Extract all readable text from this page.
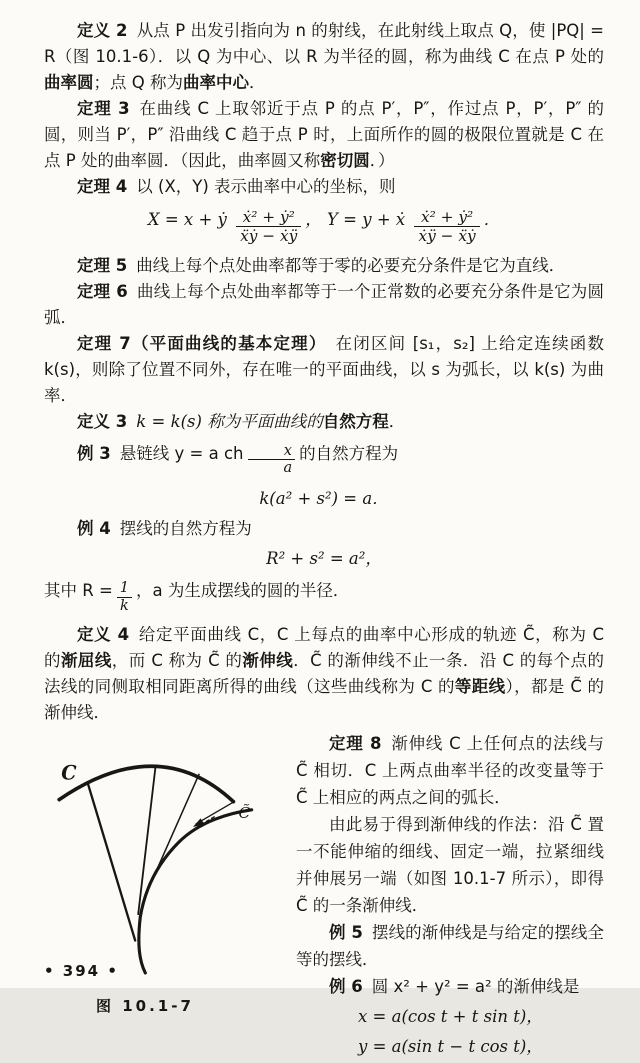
定义 2 从点 P 出发引指向为 n 的射线，在此射线上取点 Q，使 |PQ| = R（图 10.1-6）．以 Q 为中心、以 R 为半径的圆，称为曲线 C 在点 P 处的曲率圆；点 Q 称为曲率中心．

定理 3 在曲线 C 上取邻近于点 P 的点 P′，P″，作过点 P，P′，P″ 的圆，则当 P′，P″ 沿曲线 C 趋于点 P 时，上面所作的圆的极限位置就是 C 在点 P 处的曲率圆．（因此，曲率圆又称密切圆．）

定理 4 以 (X，Y) 表示曲率中心的坐标，则

X = x + ẏ $\frac{\text{ẋ² + ẏ²}}{\text{ẍẏ − ẋÿ}}$ ， Y = y + ẋ $\frac{\text{ẋ² + ẏ²}}{\text{ẋÿ − ẍẏ}}$ ．

定理 5 曲线上每个点处曲率都等于零的必要充分条件是它为直线．

定理 6 曲线上每个点处曲率都等于一个正常数的必要充分条件是它为圆弧．

定理 7（平面曲线的基本定理） 在闭区间 [s₁，s₂] 上给定连续函数 k(s)，则除了位置不同外，存在唯一的平面曲线，以 s 为弧长，以 k(s) 为曲率．

定义 3 k = k(s) 称为平面曲线的自然方程．

例 3 悬链线 y = a ch $\frac{x}{a}$ 的自然方程为

k(a² + s²) = a．

例 4 摆线的自然方程为

R² + s² = a²，

其中 $R = \frac{1}{k}$ ，a 为生成摆线的圆的半径．

定义 4 给定平面曲线 C，C 上每点的曲率中心形成的轨迹 C̃，称为 C 的渐屈线，而 C 称为 C̃ 的渐伸线．C̃ 的渐伸线不止一条．沿 C 的每个点的法线的同侧取相同距离所得的曲线（这些曲线称为 C 的等距线），都是 C̃ 的渐伸线．

C
C̃
图 10.1-7

定理 8 渐伸线 C 上任何点的法线与 C̃ 相切．C 上两点曲率半径的改变量等于 C̃ 上相应的两点之间的弧长．

由此易于得到渐伸线的作法：沿 C̃ 置一不能伸缩的细线、固定一端，拉紧细线并伸展另一端（如图 10.1-7 所示），即得 C̃ 的一条渐伸线．

例 5 摆线的渐伸线是与给定的摆线全等的摆线．

例 6 圆 x² + y² = a² 的渐伸线是

x = a(cos t + t sin t)，
y = a(sin t − t cos t)，
• 394 •
